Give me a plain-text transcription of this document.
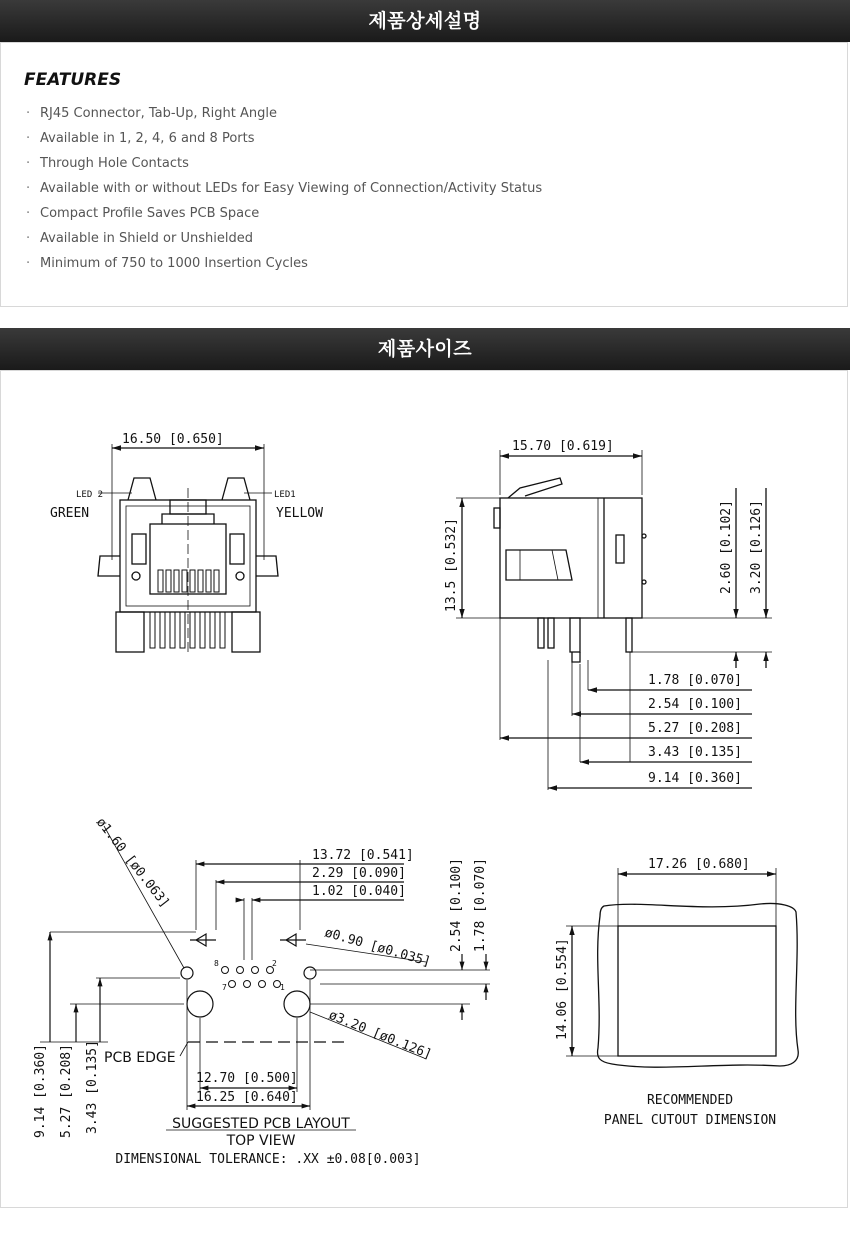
제품상세설명
FEATURES
· RJ45 Connector, Tab-Up, Right Angle
· Available in 1, 2, 4, 6 and 8 Ports
· Through Hole Contacts
· Available with or without LEDs for Easy Viewing of Connection/Activity Status
· Compact Profile Saves PCB Space
· Available in Shield or Unshielded
· Minimum of 750 to 1000 Insertion Cycles
제품사이즈
16.50 [0.650]
LED 2	LED1
GREEN	YELLOW
15.70 [0.619]
13.5 [0.532]	2.60 [0.102] 3.20 [0.126]
1.78 [0.070]
2.54 [0.100]
5.27 [0.208]
3.43 [0.135]
9.14 [0.360]
ø1.60 [ø0.063]	13.72 [0.541]
2.29 [0.090]
1.02 [0.040]	2.54 [0.100] 1.78 [0.070]
ø0.90 [ø0.035]
ø3.20 [ø0.126]
PCB EDGE
12.70 [0.500]
16.25 [0.640]
9.14 [0.360] 5.27 [0.208] 3.43 [0.135]
8
7
2
1
SUGGESTED PCB LAYOUT
TOP VIEW
DIMENSIONAL TOLERANCE: .XX ±0.08[0.003]
17.26 [0.680]
14.06 [0.554]
RECOMMENDED
PANEL CUTOUT DIMENSION
